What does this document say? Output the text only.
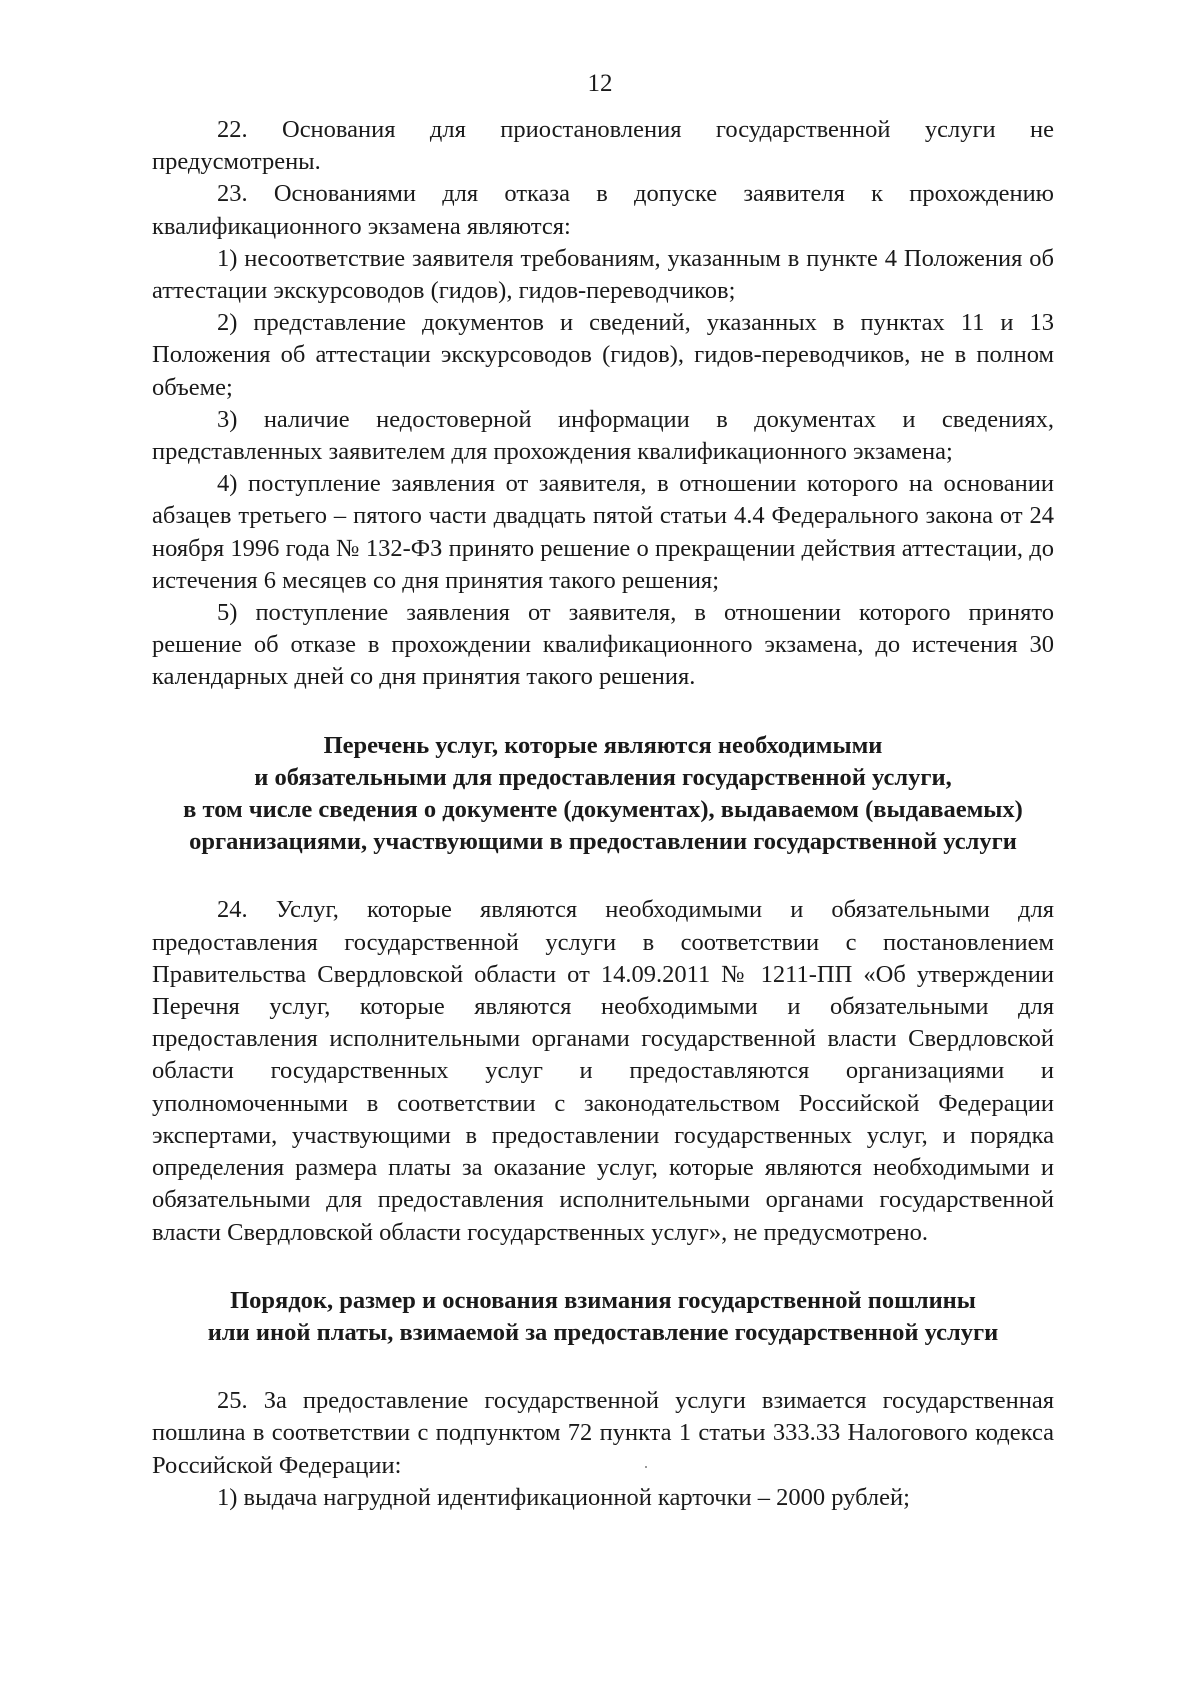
12

22. Основания для приостановления государственной услуги не предусмотрены.

23. Основаниями для отказа в допуске заявителя к прохождению квалификационного экзамена являются:

1) несоответствие заявителя требованиям, указанным в пункте 4 Положения об аттестации экскурсоводов (гидов), гидов-переводчиков;

2) представление документов и сведений, указанных в пунктах 11 и 13 Положения об аттестации экскурсоводов (гидов), гидов-переводчиков, не в полном объеме;

3) наличие недостоверной информации в документах и сведениях, представленных заявителем для прохождения квалификационного экзамена;

4) поступление заявления от заявителя, в отношении которого на основании абзацев третьего – пятого части двадцать пятой статьи 4.4 Федерального закона от 24 ноября 1996 года № 132-ФЗ принято решение о прекращении действия аттестации, до истечения 6 месяцев со дня принятия такого решения;

5) поступление заявления от заявителя, в отношении которого принято решение об отказе в прохождении квалификационного экзамена, до истечения 30 календарных дней со дня принятия такого решения.

Перечень услуг, которые являются необходимыми
и обязательными для предоставления государственной услуги,
в том числе сведения о документе (документах), выдаваемом (выдаваемых)
организациями, участвующими в предоставлении государственной услуги

24. Услуг, которые являются необходимыми и обязательными для предоставления государственной услуги в соответствии с постановлением Правительства Свердловской области от 14.09.2011 № 1211-ПП «Об утверждении Перечня услуг, которые являются необходимыми и обязательными для предоставления исполнительными органами государственной власти Свердловской области государственных услуг и предоставляются организациями и уполномоченными в соответствии с законодательством Российской Федерации экспертами, участвующими в предоставлении государственных услуг, и порядка определения размера платы за оказание услуг, которые являются необходимыми и обязательными для предоставления исполнительными органами государственной власти Свердловской области государственных услуг», не предусмотрено.

Порядок, размер и основания взимания государственной пошлины
или иной платы, взимаемой за предоставление государственной услуги

25. За предоставление государственной услуги взимается государственная пошлина в соответствии с подпунктом 72 пункта 1 статьи 333.33 Налогового кодекса Российской Федерации:

1) выдача нагрудной идентификационной карточки – 2000 рублей;
